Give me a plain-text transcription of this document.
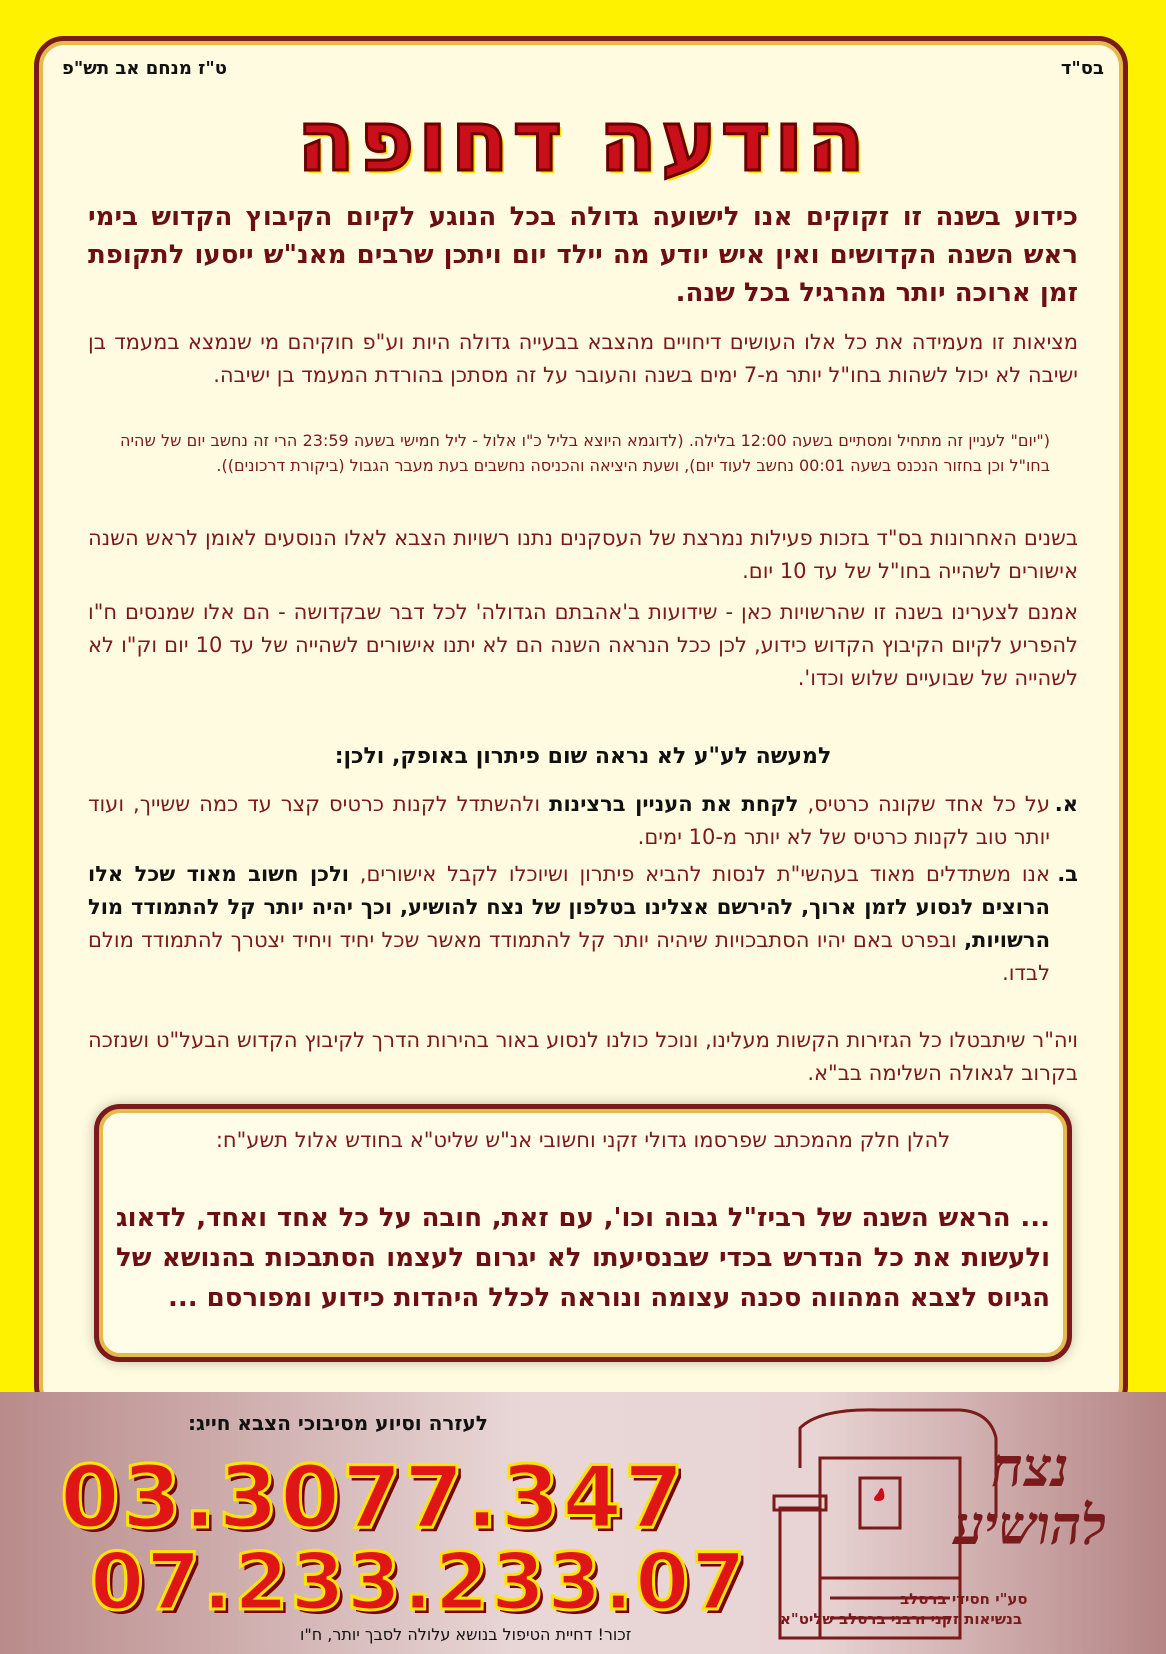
בס"ד
ט"ז מנחם אב תש"פ
הודעה דחופה
כידוע בשנה זו זקוקים אנו לישועה גדולה בכל הנוגע לקיום הקיבוץ הקדוש בימי ראש השנה הקדושים ואין איש יודע מה יילד יום ויתכן שרבים מאנ"ש ייסעו לתקופת זמן ארוכה יותר מהרגיל בכל שנה.
מציאות זו מעמידה את כל אלו העושים דיחויים מהצבא בבעייה גדולה היות וע"פ חוקיהם מי שנמצא במעמד בן ישיבה לא יכול לשהות בחו"ל יותר מ-7 ימים בשנה והעובר על זה מסתכן בהורדת המעמד בן ישיבה.
("יום" לעניין זה מתחיל ומסתיים בשעה 12:00 בלילה. (לדוגמא היוצא בליל כ"ו אלול - ליל חמישי בשעה 23:59 הרי זה נחשב יום של שהיה בחו"ל וכן בחזור הנכנס בשעה 00:01 נחשב לעוד יום), ושעת היציאה והכניסה נחשבים בעת מעבר הגבול (ביקורת דרכונים)).
בשנים האחרונות בס"ד בזכות פעילות נמרצת של העסקנים נתנו רשויות הצבא לאלו הנוסעים לאומן לראש השנה אישורים לשהייה בחו"ל של עד 10 יום.
אמנם לצערינו בשנה זו שהרשויות כאן - שידועות ב'אהבתם הגדולה' לכל דבר שבקדושה - הם אלו שמנסים ח"ו להפריע לקיום הקיבוץ הקדוש כידוע, לכן ככל הנראה השנה הם לא יתנו אישורים לשהייה של עד 10 יום וק"ו לא לשהייה של שבועיים שלוש וכדו'.
למעשה לע"ע לא נראה שום פיתרון באופק, ולכן:
א.
על כל אחד שקונה כרטיס, לקחת את העניין ברצינות ולהשתדל לקנות כרטיס קצר עד כמה ששייך, ועוד יותר טוב לקנות כרטיס של לא יותר מ-10 ימים.
ב.
אנו משתדלים מאוד בעהשי"ת לנסות להביא פיתרון ושיוכלו לקבל אישורים, ולכן חשוב מאוד שכל אלו הרוצים לנסוע לזמן ארוך, להירשם אצלינו בטלפון של נצח להושיע, וכך יהיה יותר קל להתמודד מול הרשויות, ובפרט באם יהיו הסתבכויות שיהיה יותר קל להתמודד מאשר שכל יחיד ויחיד יצטרך להתמודד מולם לבדו.
ויה"ר שיתבטלו כל הגזירות הקשות מעלינו, ונוכל כולנו לנסוע באור בהירות הדרך לקיבוץ הקדוש הבעל"ט ושנזכה בקרוב לגאולה השלימה בב"א.
להלן חלק מהמכתב שפרסמו גדולי זקני וחשובי אנ"ש שליט"א בחודש אלול תשע"ח:
... הראש השנה של רביז"ל גבוה וכו', עם זאת, חובה על כל אחד ואחד, לדאוג ולעשות את כל הנדרש בכדי שבנסיעתו לא יגרום לעצמו הסתבכות בהנושא של הגיוס לצבא המהווה סכנה עצומה ונוראה לכלל היהדות כידוע ומפורסם ...
לעזרה וסיוע מסיבוכי הצבא חייג:
03.3077.347
07.233.233.07
זכור! דחיית הטיפול בנושא עלולה לסבך יותר, ח"ו
נצח
להושיע
סע"י חסידי ברסלב
בנשיאות זקני ורבני ברסלב שליט"א
